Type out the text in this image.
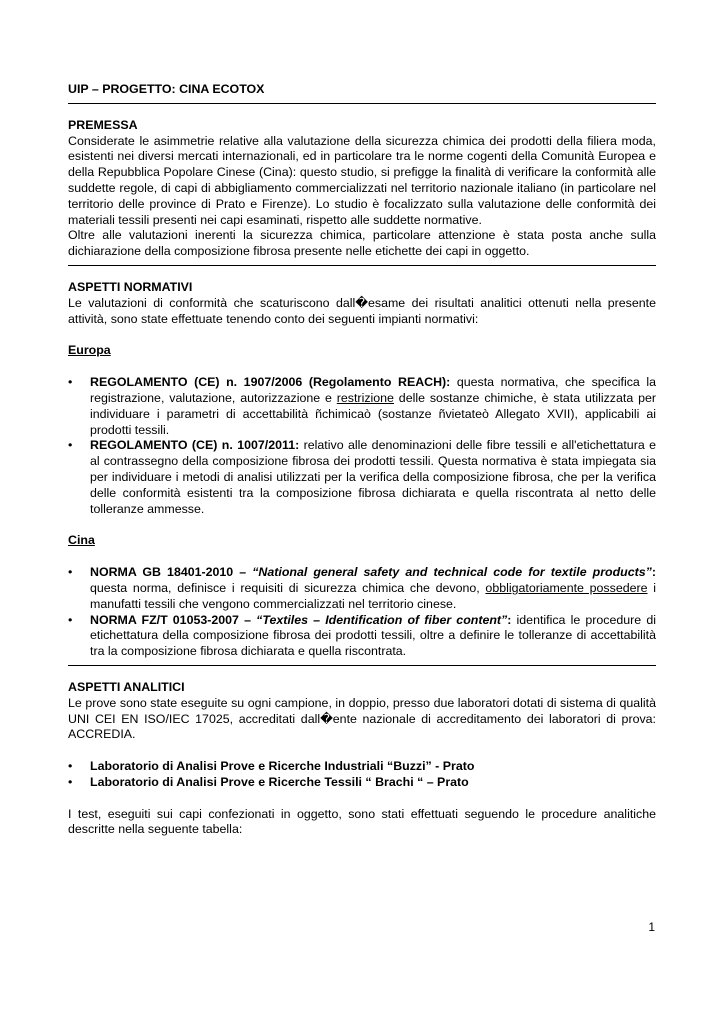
UIP – PROGETTO: CINA ECOTOX

PREMESSA

Considerate le asimmetrie relative alla valutazione della sicurezza chimica dei prodotti della filiera moda, esistenti nei diversi mercati internazionali, ed in particolare tra le norme cogenti della Comunità Europea e della Repubblica Popolare Cinese (Cina): questo studio, si prefigge la finalità di verificare la conformità alle suddette regole, di capi di abbigliamento commercializzati nel territorio nazionale italiano (in particolare nel territorio delle province di Prato e Firenze). Lo studio è focalizzato sulla valutazione delle conformità dei materiali tessili presenti nei capi esaminati, rispetto alle suddette normative.

Oltre alle valutazioni inerenti la sicurezza chimica, particolare attenzione è stata posta anche sulla dichiarazione della composizione fibrosa presente nelle etichette dei capi in oggetto.

ASPETTI NORMATIVI

Le valutazioni di conformità che scaturiscono dall�esame dei risultati analitici ottenuti nella presente attività, sono state effettuate tenendo conto dei seguenti impianti normativi:

Europa

• REGOLAMENTO (CE) n. 1907/2006 (Regolamento REACH): questa normativa, che specifica la registrazione, valutazione, autorizzazione e restrizione delle sostanze chimiche, è stata utilizzata per individuare i parametri di accettabilità ñchimicaò (sostanze ñvietateò Allegato XVII), applicabili ai prodotti tessili.
• REGOLAMENTO (CE) n. 1007/2011: relativo alle denominazioni delle fibre tessili e all'etichettatura e al contrassegno della composizione fibrosa dei prodotti tessili. Questa normativa è stata impiegata sia per individuare i metodi di analisi utilizzati per la verifica della composizione fibrosa, che per la verifica delle conformità esistenti tra la composizione fibrosa dichiarata e quella riscontrata al netto delle tolleranze ammesse.

Cina

• NORMA GB 18401-2010 – “National general safety and technical code for textile products”: questa norma, definisce i requisiti di sicurezza chimica che devono, obbligatoriamente possedere i manufatti tessili che vengono commercializzati nel territorio cinese.
• NORMA FZ/T 01053-2007 – “Textiles – Identification of fiber content”: identifica le procedure di etichettatura della composizione fibrosa dei prodotti tessili, oltre a definire le tolleranze di accettabilità tra la composizione fibrosa dichiarata e quella riscontrata.

ASPETTI ANALITICI

Le prove sono state eseguite su ogni campione, in doppio, presso due laboratori dotati di sistema di qualità UNI CEI EN ISO/IEC 17025, accreditati dall�ente nazionale di accreditamento dei laboratori di prova: ACCREDIA.

• Laboratorio di Analisi Prove e Ricerche Industriali “Buzzi” - Prato
• Laboratorio di Analisi Prove e Ricerche Tessili “ Brachi “ – Prato

I test, eseguiti sui capi confezionati in oggetto, sono stati effettuati seguendo le procedure analitiche descritte nella seguente tabella:

1
